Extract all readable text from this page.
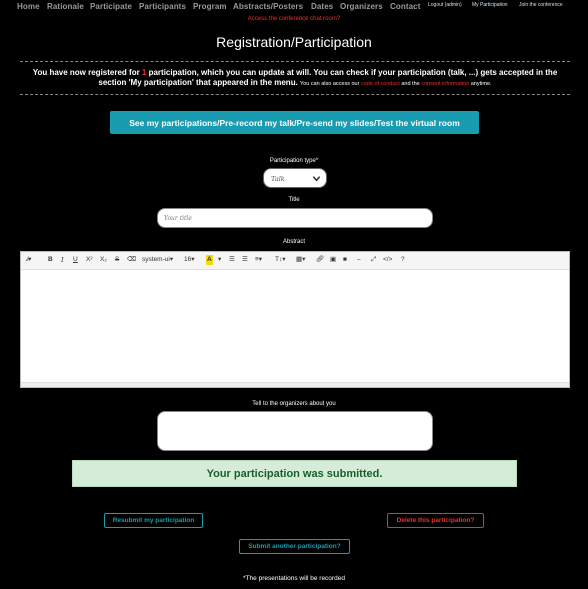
Home Rationale Participate Participants Program Abstracts/Posters Dates Organizers Contact Logout (admin) My Participation Join the conference
Access the conference chat room?
Registration/Participation
You have now registered for 1 participation, which you can update at will. You can check if your participation (talk, ...) gets accepted in the section 'My participation' that appeared in the menu. You can also access our code of conduct and the consent information anytime.
See my participations/Pre-record my talk/Pre-send my slides/Test the virtual room
Participation type*
Talk
Title
Your title
Abstract
⁄̷▾	B I U X² X₂ S ⌫ system-ui▾ 16▾ A ▾ ☰ ☰ ≡▾ T↕▾ ▦▾ 🔗︎ ▣ ■ – ⤢ </> ?
Tell to the organizers about you
Your participation was submitted.
Resubmit my participation	Delete this participation?
Submit another participation?
*The presentations will be recorded
